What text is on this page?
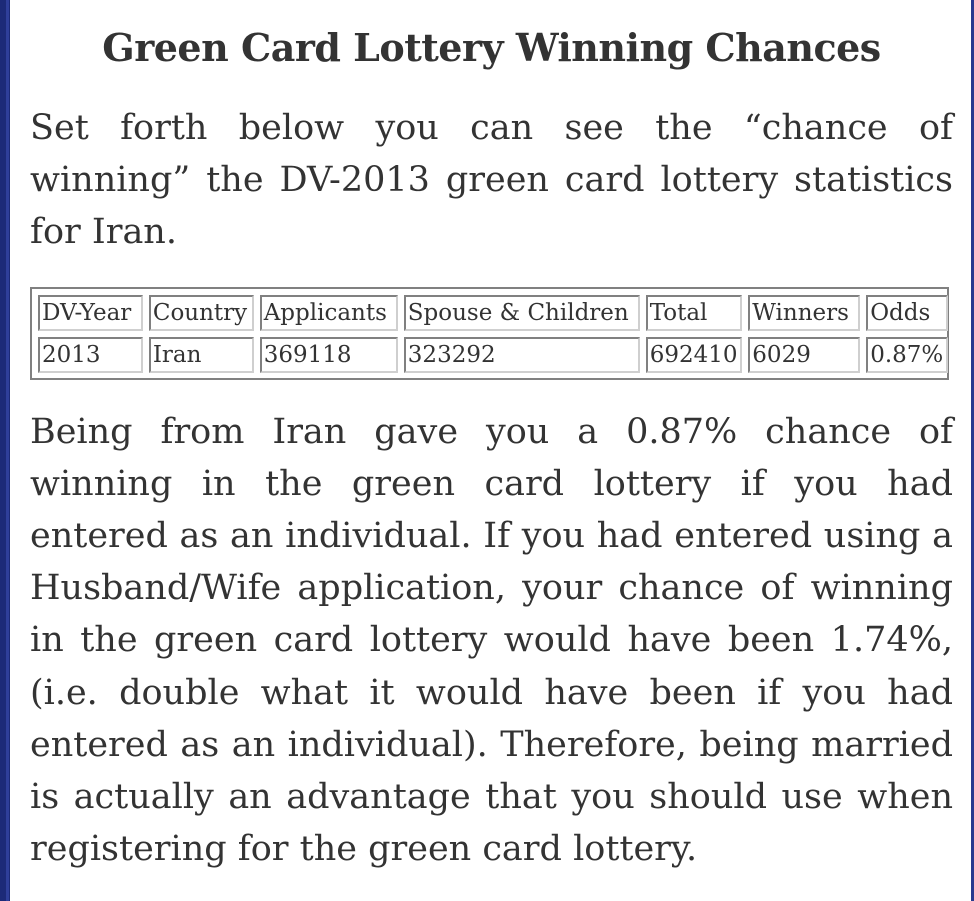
Green Card Lottery Winning Chances

Set forth below you can see the “chance of winning” the DV-2013 green card lottery statistics for Iran.

DV-Year	Country	Applicants	Spouse & Children	Total	Winners	Odds
2013	Iran	369118	323292	692410	6029	0.87%

Being from Iran gave you a 0.87% chance of winning in the green card lottery if you had entered as an individual. If you had entered using a Husband/Wife application, your chance of winning in the green card lottery would have been 1.74%, (i.e. double what it would have been if you had entered as an individual). Therefore, being married is actually an advantage that you should use when registering for the green card lottery.
